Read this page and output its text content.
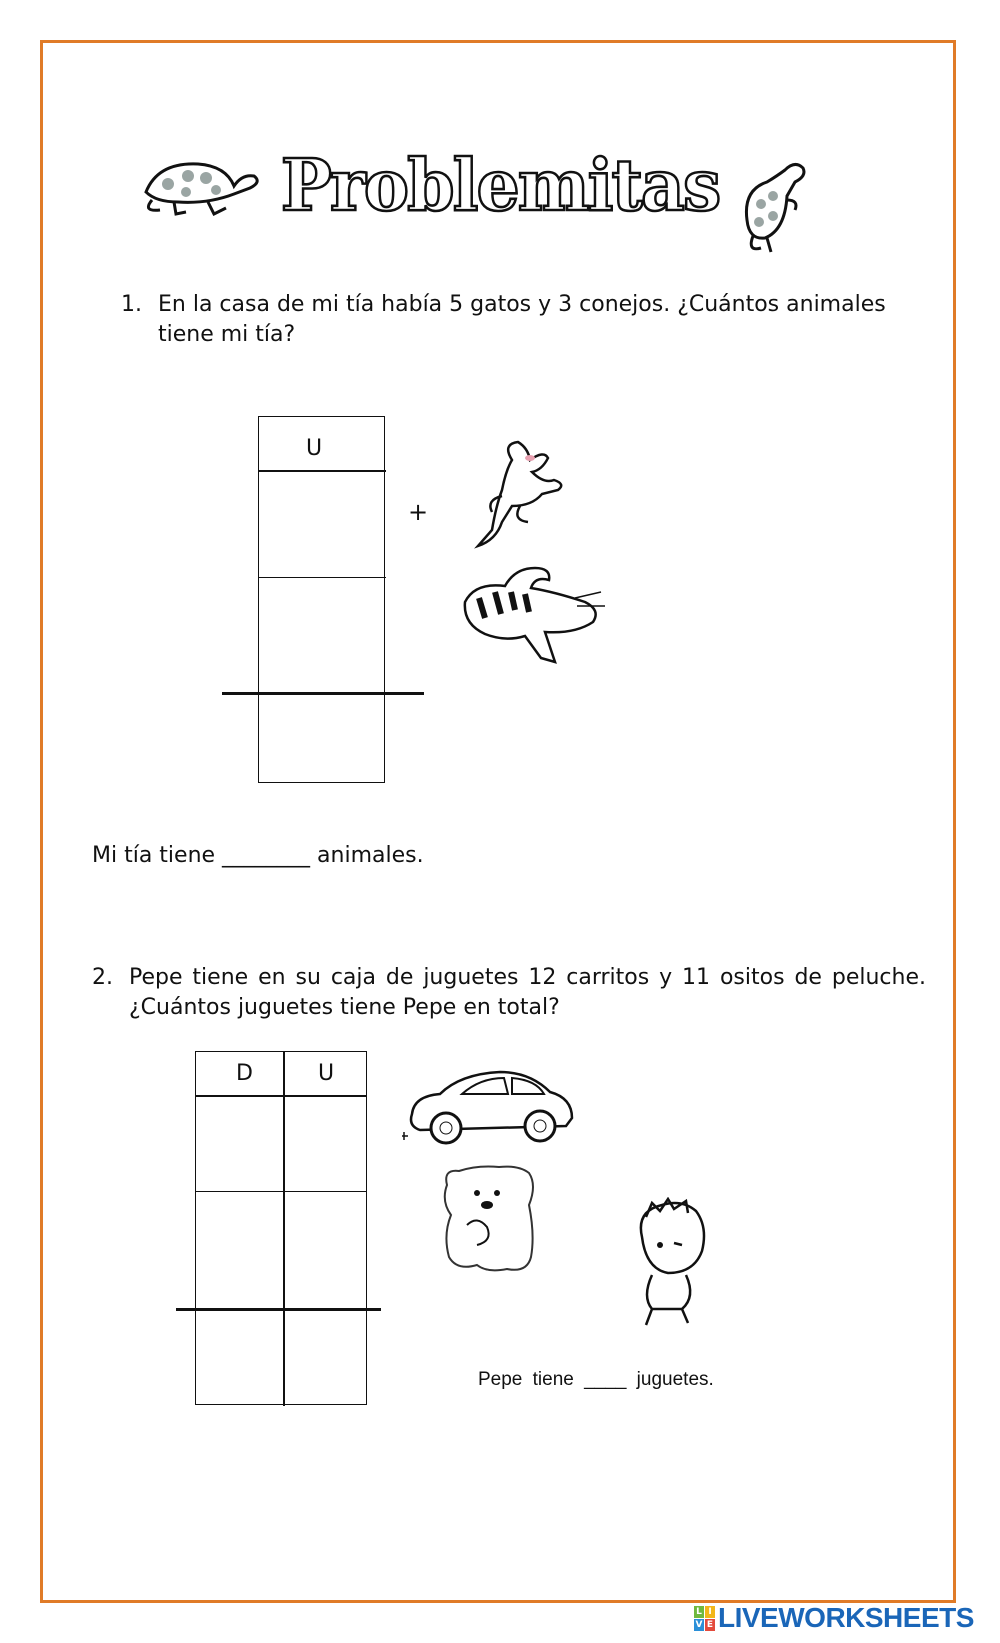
Problemitas
1. En la casa de mi tía había 5 gatos y 3 conejos. ¿Cuántos animales tiene mi tía?
U
+
Mi tía tiene ________ animales.
2. Pepe tiene en su caja de juguetes 12 carritos y 11 ositos de peluche. ¿Cuántos juguetes tiene Pepe en total?
D	U
Pepe tiene ____ juguetes.
L I
V E LIVEWORKSHEETS
